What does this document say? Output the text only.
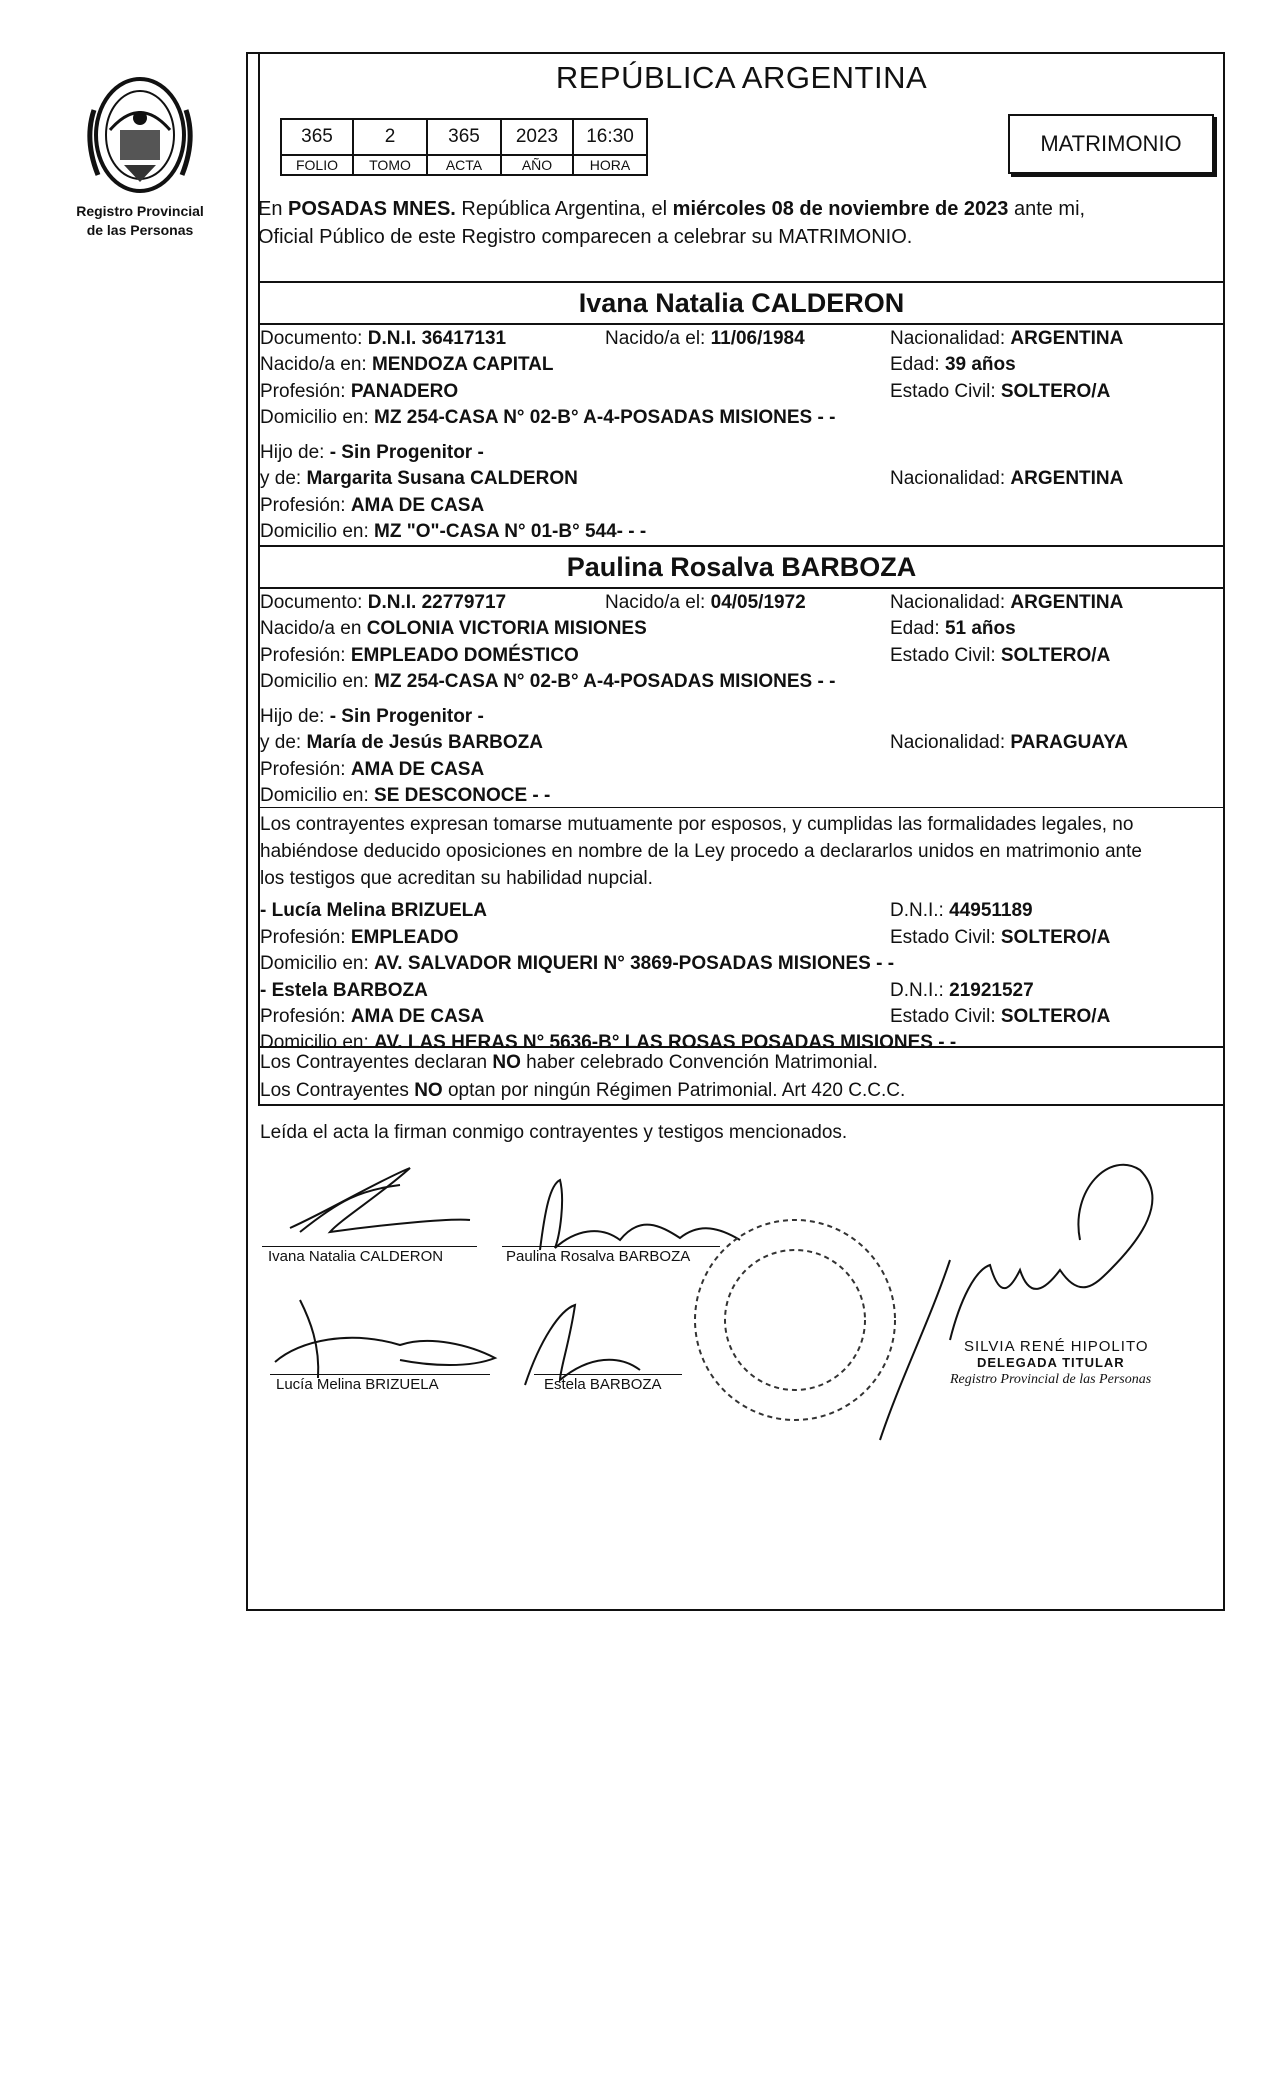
Registro Provincial
de las Personas
REPÚBLICA ARGENTINA
365	2	365	2023	16:30
FOLIO	TOMO	ACTA	AÑO	HORA
MATRIMONIO
En POSADAS MNES. República Argentina, el miércoles 08 de noviembre de 2023 ante mi,
Oficial Público de este Registro comparecen a celebrar su MATRIMONIO.
Ivana Natalia CALDERON
Documento: D.N.I. 36417131	Nacido/a el: 11/06/1984	Nacionalidad: ARGENTINA
Nacido/a en: MENDOZA CAPITAL	Edad: 39 años
Profesión: PANADERO	Estado Civil: SOLTERO/A
Domicilio en: MZ 254-CASA N° 02-B° A-4-POSADAS MISIONES - -
Hijo de: - Sin Progenitor -
y de: Margarita Susana CALDERON	Nacionalidad: ARGENTINA
Profesión: AMA DE CASA
Domicilio en: MZ "O"-CASA N° 01-B° 544- - -
Paulina Rosalva BARBOZA
Documento: D.N.I. 22779717	Nacido/a el: 04/05/1972	Nacionalidad: ARGENTINA
Nacido/a en COLONIA VICTORIA MISIONES	Edad: 51 años
Profesión: EMPLEADO DOMÉSTICO	Estado Civil: SOLTERO/A
Domicilio en: MZ 254-CASA N° 02-B° A-4-POSADAS MISIONES - -
Hijo de: - Sin Progenitor -
y de: María de Jesús BARBOZA	Nacionalidad: PARAGUAYA
Profesión: AMA DE CASA
Domicilio en: SE DESCONOCE - -
Los contrayentes expresan tomarse mutuamente por esposos, y cumplidas las formalidades legales, no
habiéndose deducido oposiciones en nombre de la Ley procedo a declararlos unidos en matrimonio ante
los testigos que acreditan su habilidad nupcial.
- Lucía Melina BRIZUELA	D.N.I.: 44951189
Profesión: EMPLEADO	Estado Civil: SOLTERO/A
Domicilio en: AV. SALVADOR MIQUERI N° 3869-POSADAS MISIONES - -
- Estela BARBOZA	D.N.I.: 21921527
Profesión: AMA DE CASA	Estado Civil: SOLTERO/A
Domicilio en: AV. LAS HERAS N° 5636-B° LAS ROSAS POSADAS MISIONES - -
Los Contrayentes declaran NO haber celebrado Convención Matrimonial.
Los Contrayentes NO optan por ningún Régimen Patrimonial. Art 420 C.C.C.
Leída el acta la firman conmigo contrayentes y testigos mencionados.
Ivana Natalia CALDERON	Paulina Rosalva BARBOZA
Lucía Melina BRIZUELA	Estela BARBOZA
SILVIA RENÉ HIPOLITO
DELEGADA TITULAR
Registro Provincial de las Personas
